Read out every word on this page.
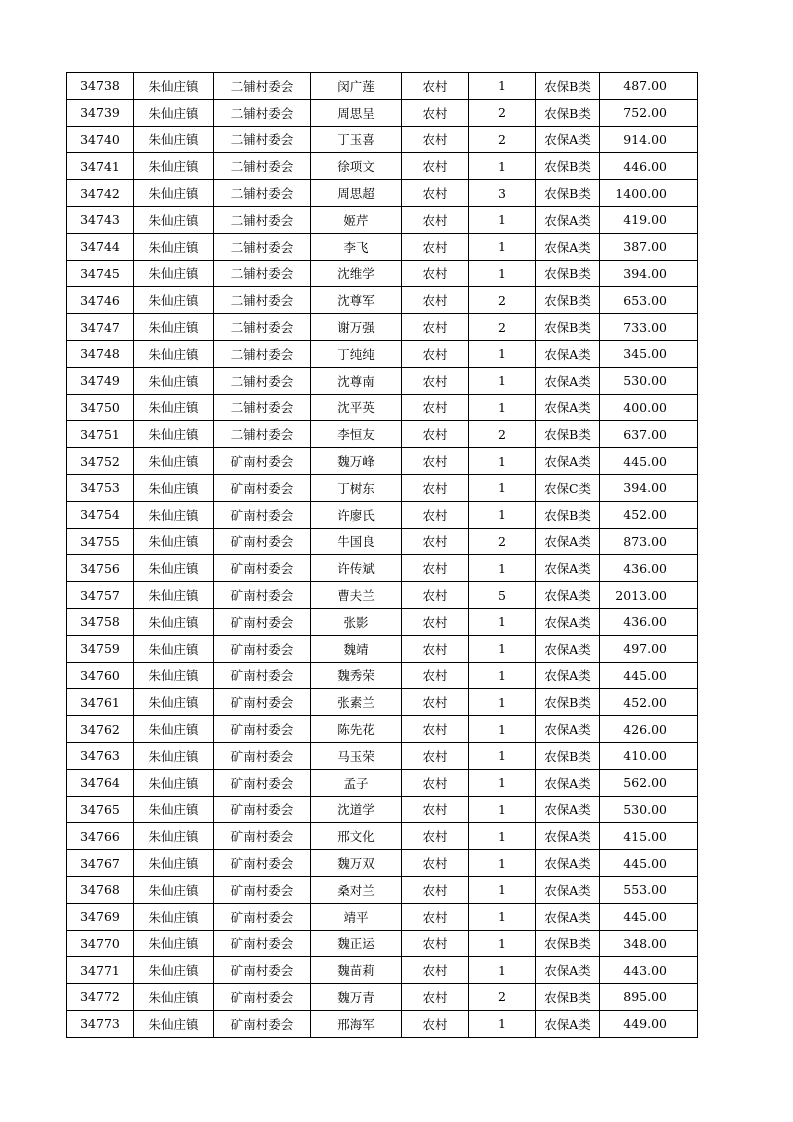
34738	朱仙庄镇	二铺村委会	闵广莲	农村	1	农保B类	487.00
34739	朱仙庄镇	二铺村委会	周思呈	农村	2	农保B类	752.00
34740	朱仙庄镇	二铺村委会	丁玉喜	农村	2	农保A类	914.00
34741	朱仙庄镇	二铺村委会	徐项文	农村	1	农保B类	446.00
34742	朱仙庄镇	二铺村委会	周思超	农村	3	农保B类	1400.00
34743	朱仙庄镇	二铺村委会	姬芹	农村	1	农保A类	419.00
34744	朱仙庄镇	二铺村委会	李飞	农村	1	农保A类	387.00
34745	朱仙庄镇	二铺村委会	沈维学	农村	1	农保B类	394.00
34746	朱仙庄镇	二铺村委会	沈尊军	农村	2	农保B类	653.00
34747	朱仙庄镇	二铺村委会	谢万强	农村	2	农保B类	733.00
34748	朱仙庄镇	二铺村委会	丁纯纯	农村	1	农保A类	345.00
34749	朱仙庄镇	二铺村委会	沈尊南	农村	1	农保A类	530.00
34750	朱仙庄镇	二铺村委会	沈平英	农村	1	农保A类	400.00
34751	朱仙庄镇	二铺村委会	李恒友	农村	2	农保B类	637.00
34752	朱仙庄镇	矿南村委会	魏万峰	农村	1	农保A类	445.00
34753	朱仙庄镇	矿南村委会	丁树东	农村	1	农保C类	394.00
34754	朱仙庄镇	矿南村委会	许廖氏	农村	1	农保B类	452.00
34755	朱仙庄镇	矿南村委会	牛国良	农村	2	农保A类	873.00
34756	朱仙庄镇	矿南村委会	许传斌	农村	1	农保A类	436.00
34757	朱仙庄镇	矿南村委会	曹夫兰	农村	5	农保A类	2013.00
34758	朱仙庄镇	矿南村委会	张影	农村	1	农保A类	436.00
34759	朱仙庄镇	矿南村委会	魏靖	农村	1	农保A类	497.00
34760	朱仙庄镇	矿南村委会	魏秀荣	农村	1	农保A类	445.00
34761	朱仙庄镇	矿南村委会	张素兰	农村	1	农保B类	452.00
34762	朱仙庄镇	矿南村委会	陈先花	农村	1	农保A类	426.00
34763	朱仙庄镇	矿南村委会	马玉荣	农村	1	农保B类	410.00
34764	朱仙庄镇	矿南村委会	孟子	农村	1	农保A类	562.00
34765	朱仙庄镇	矿南村委会	沈道学	农村	1	农保A类	530.00
34766	朱仙庄镇	矿南村委会	邢文化	农村	1	农保A类	415.00
34767	朱仙庄镇	矿南村委会	魏万双	农村	1	农保A类	445.00
34768	朱仙庄镇	矿南村委会	桑对兰	农村	1	农保A类	553.00
34769	朱仙庄镇	矿南村委会	靖平	农村	1	农保A类	445.00
34770	朱仙庄镇	矿南村委会	魏正运	农村	1	农保B类	348.00
34771	朱仙庄镇	矿南村委会	魏苗莉	农村	1	农保A类	443.00
34772	朱仙庄镇	矿南村委会	魏万青	农村	2	农保B类	895.00
34773	朱仙庄镇	矿南村委会	邢海军	农村	1	农保A类	449.00
